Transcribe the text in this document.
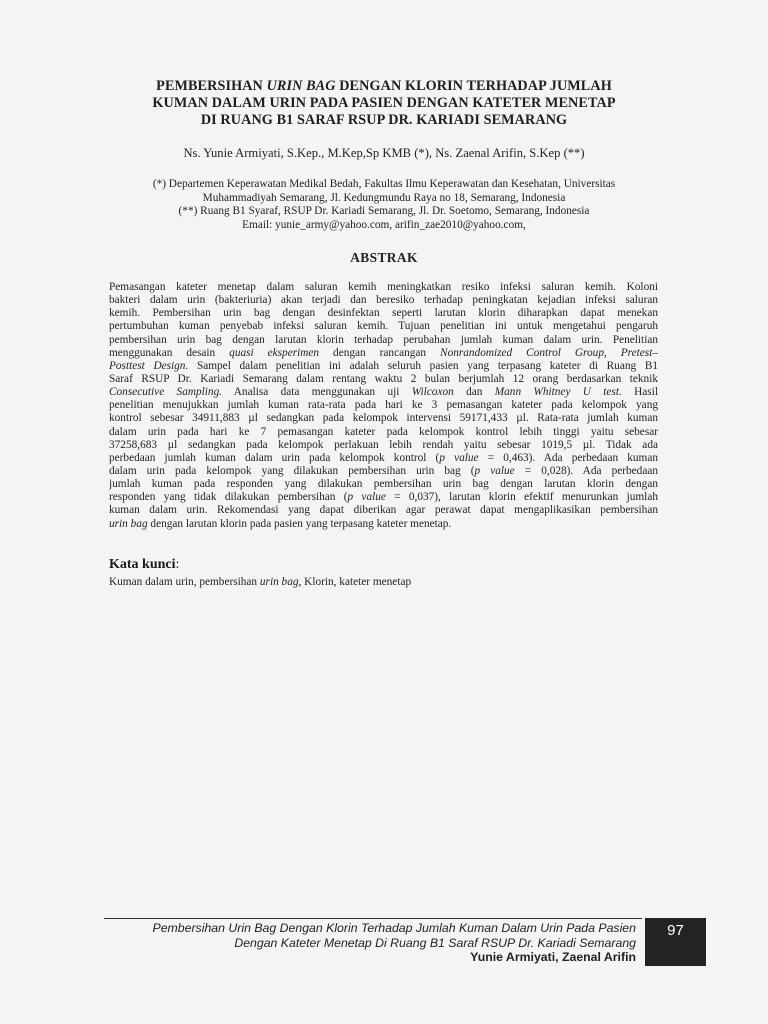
PEMBERSIHAN URIN BAG DENGAN KLORIN TERHADAP JUMLAH
KUMAN DALAM URIN PADA PASIEN DENGAN KATETER MENETAP
DI RUANG B1 SARAF RSUP DR. KARIADI SEMARANG
Ns. Yunie Armiyati, S.Kep., M.Kep,Sp KMB (*), Ns. Zaenal Arifin, S.Kep (**)
(*) Departemen Keperawatan Medikal Bedah, Fakultas Ilmu Keperawatan dan Kesehatan, Universitas
Muhammadiyah Semarang, Jl. Kedungmundu Raya no 18, Semarang, Indonesia
(**) Ruang B1 Syaraf, RSUP Dr. Kariadi Semarang, Jl. Dr. Soetomo, Semarang, Indonesia
Email: yunie_army@yahoo.com, arifin_zae2010@yahoo.com,
ABSTRAK
Pemasangan kateter menetap dalam saluran kemih meningkatkan resiko infeksi saluran kemih. Koloni
bakteri dalam urin (bakteriuria) akan terjadi dan beresiko terhadap peningkatan kejadian infeksi saluran
kemih. Pembersihan urin bag dengan desinfektan seperti larutan klorin diharapkan dapat menekan
pertumbuhan kuman penyebab infeksi saluran kemih. Tujuan penelitian ini untuk mengetahui pengaruh
pembersihan urin bag dengan larutan klorin terhadap perubahan jumlah kuman dalam urin. Penelitian
menggunakan desain quasi eksperimen dengan rancangan Nonrandomized Control Group, Pretest–
Posttest Design. Sampel dalam penelitian ini adalah seluruh pasien yang terpasang kateter di Ruang B1
Saraf RSUP Dr. Kariadi Semarang dalam rentang waktu 2 bulan berjumlah 12 orang berdasarkan teknik
Consecutive Sampling. Analisa data menggunakan uji Wilcoxon dan Mann Whitney U test. Hasil
penelitian menujukkan jumlah kuman rata-rata pada hari ke 3 pemasangan kateter pada kelompok yang
kontrol sebesar 34911,883 µl sedangkan pada kelompok intervensi 59171,433 µl. Rata-rata jumlah kuman
dalam urin pada hari ke 7 pemasangan kateter pada kelompok kontrol lebih tinggi yaitu sebesar
37258,683 µl sedangkan pada kelompok perlakuan lebih rendah yaitu sebesar 1019,5 µl. Tidak ada
perbedaan jumlah kuman dalam urin pada kelompok kontrol (p value = 0,463). Ada perbedaan kuman
dalam urin pada kelompok yang dilakukan pembersihan urin bag (p value = 0,028). Ada perbedaan
jumlah kuman pada responden yang dilakukan pembersihan urin bag dengan larutan klorin dengan
responden yang tidak dilakukan pembersihan (p value = 0,037), larutan klorin efektif menurunkan jumlah
kuman dalam urin. Rekomendasi yang dapat diberikan agar perawat dapat mengaplikasikan pembersihan
urin bag dengan larutan klorin pada pasien yang terpasang kateter menetap.
Kata kunci:
Kuman dalam urin, pembersihan urin bag, Klorin, kateter menetap
Pembersihan Urin Bag Dengan Klorin Terhadap Jumlah Kuman Dalam Urin Pada Pasien
Dengan Kateter Menetap Di Ruang B1 Saraf RSUP Dr. Kariadi Semarang
Yunie Armiyati, Zaenal Arifin
97
